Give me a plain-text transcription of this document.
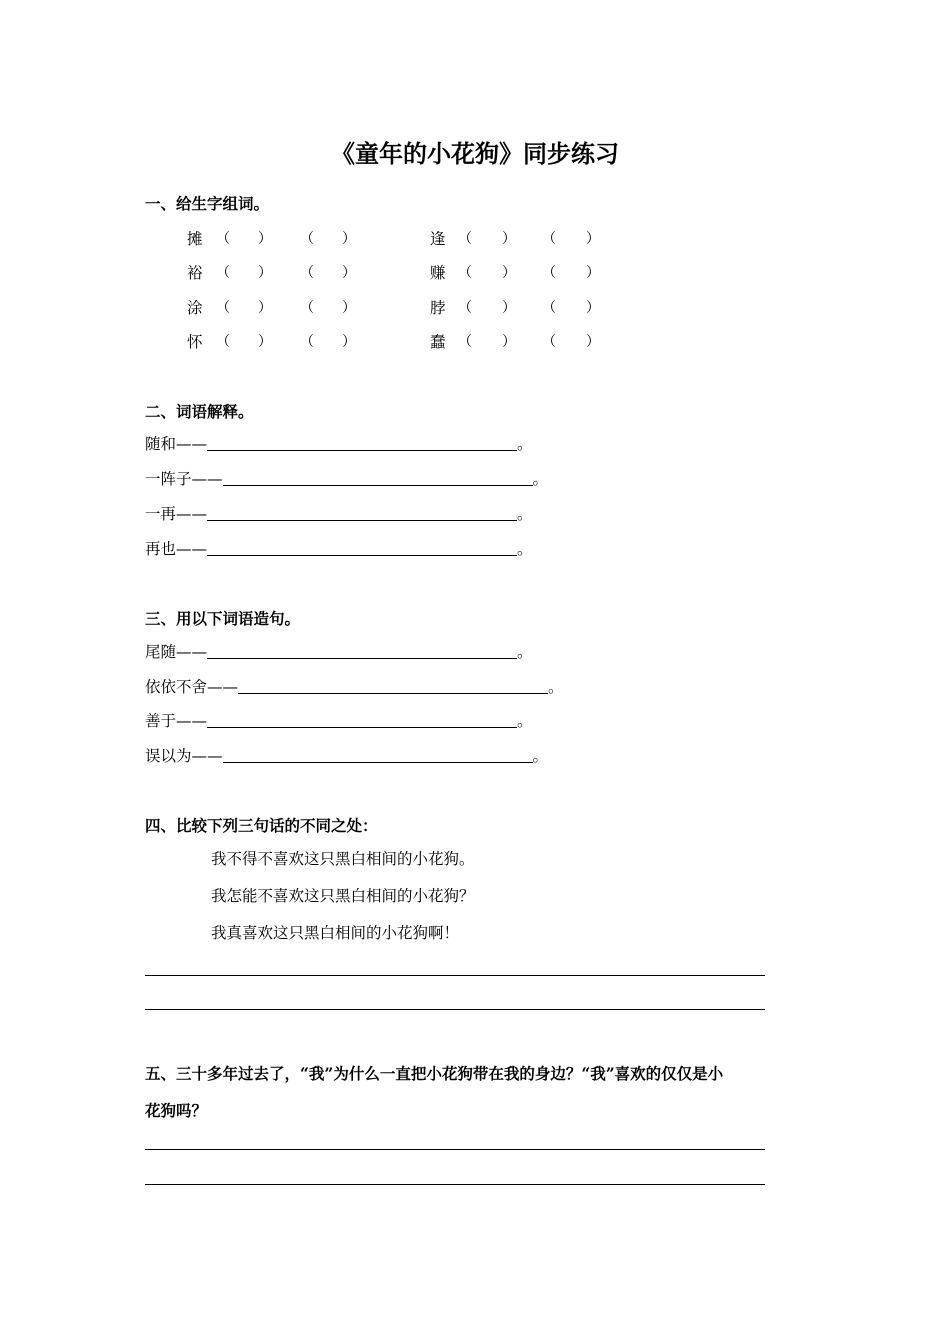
《童年的小花狗》同步练习
一、给生字组词。
摊 （ ） （ ）
裕 （ ） （ ）
涂 （ ） （ ）
怀 （ ） （ ）
逢 （ ） （ ）
赚 （ ） （ ）
脖 （ ） （ ）
蠢 （ ） （ ）
二、词语解释。
随和——	。
一阵子——	。
一再——	。
再也——	。
三、用以下词语造句。
尾随——	。
依依不舍——	。
善于——	。
误以为——	。
四、比较下列三句话的不同之处：
我不得不喜欢这只黑白相间的小花狗。
我怎能不喜欢这只黑白相间的小花狗？
我真喜欢这只黑白相间的小花狗啊！
五、三十多年过去了，“我”为什么一直把小花狗带在我的身边？“我”喜欢的仅仅是小
花狗吗？
